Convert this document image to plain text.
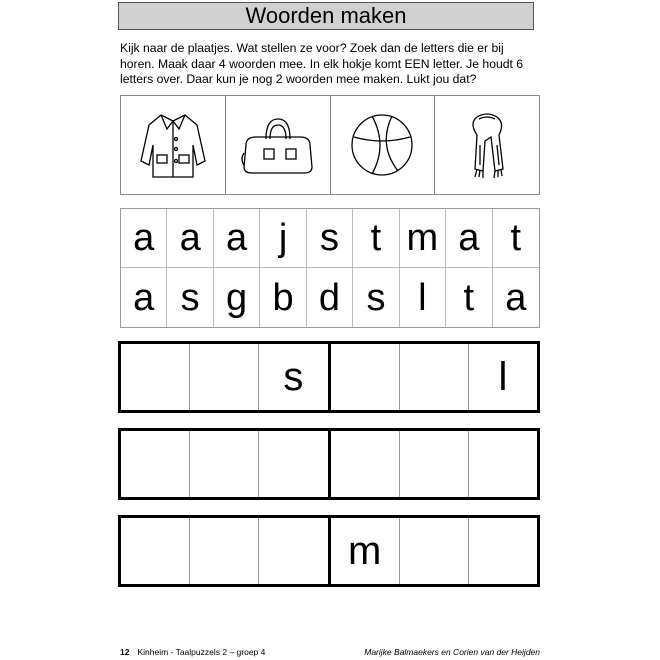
Woorden maken
Kijk naar de plaatjes. Wat stellen ze voor? Zoek dan de letters die er bij horen. Maak daar 4 woorden mee. In elk hokje komt EEN letter. Je houdt 6 letters over. Daar kun je nog 2 woorden mee maken. Lukt jou dat?
a a a j s t m a t
a s g b d s l t a
s	l
m
12 Kinheim - Taalpuzzels 2 – groep 4	Marijke Balmaekers en Corien van der Heijden
